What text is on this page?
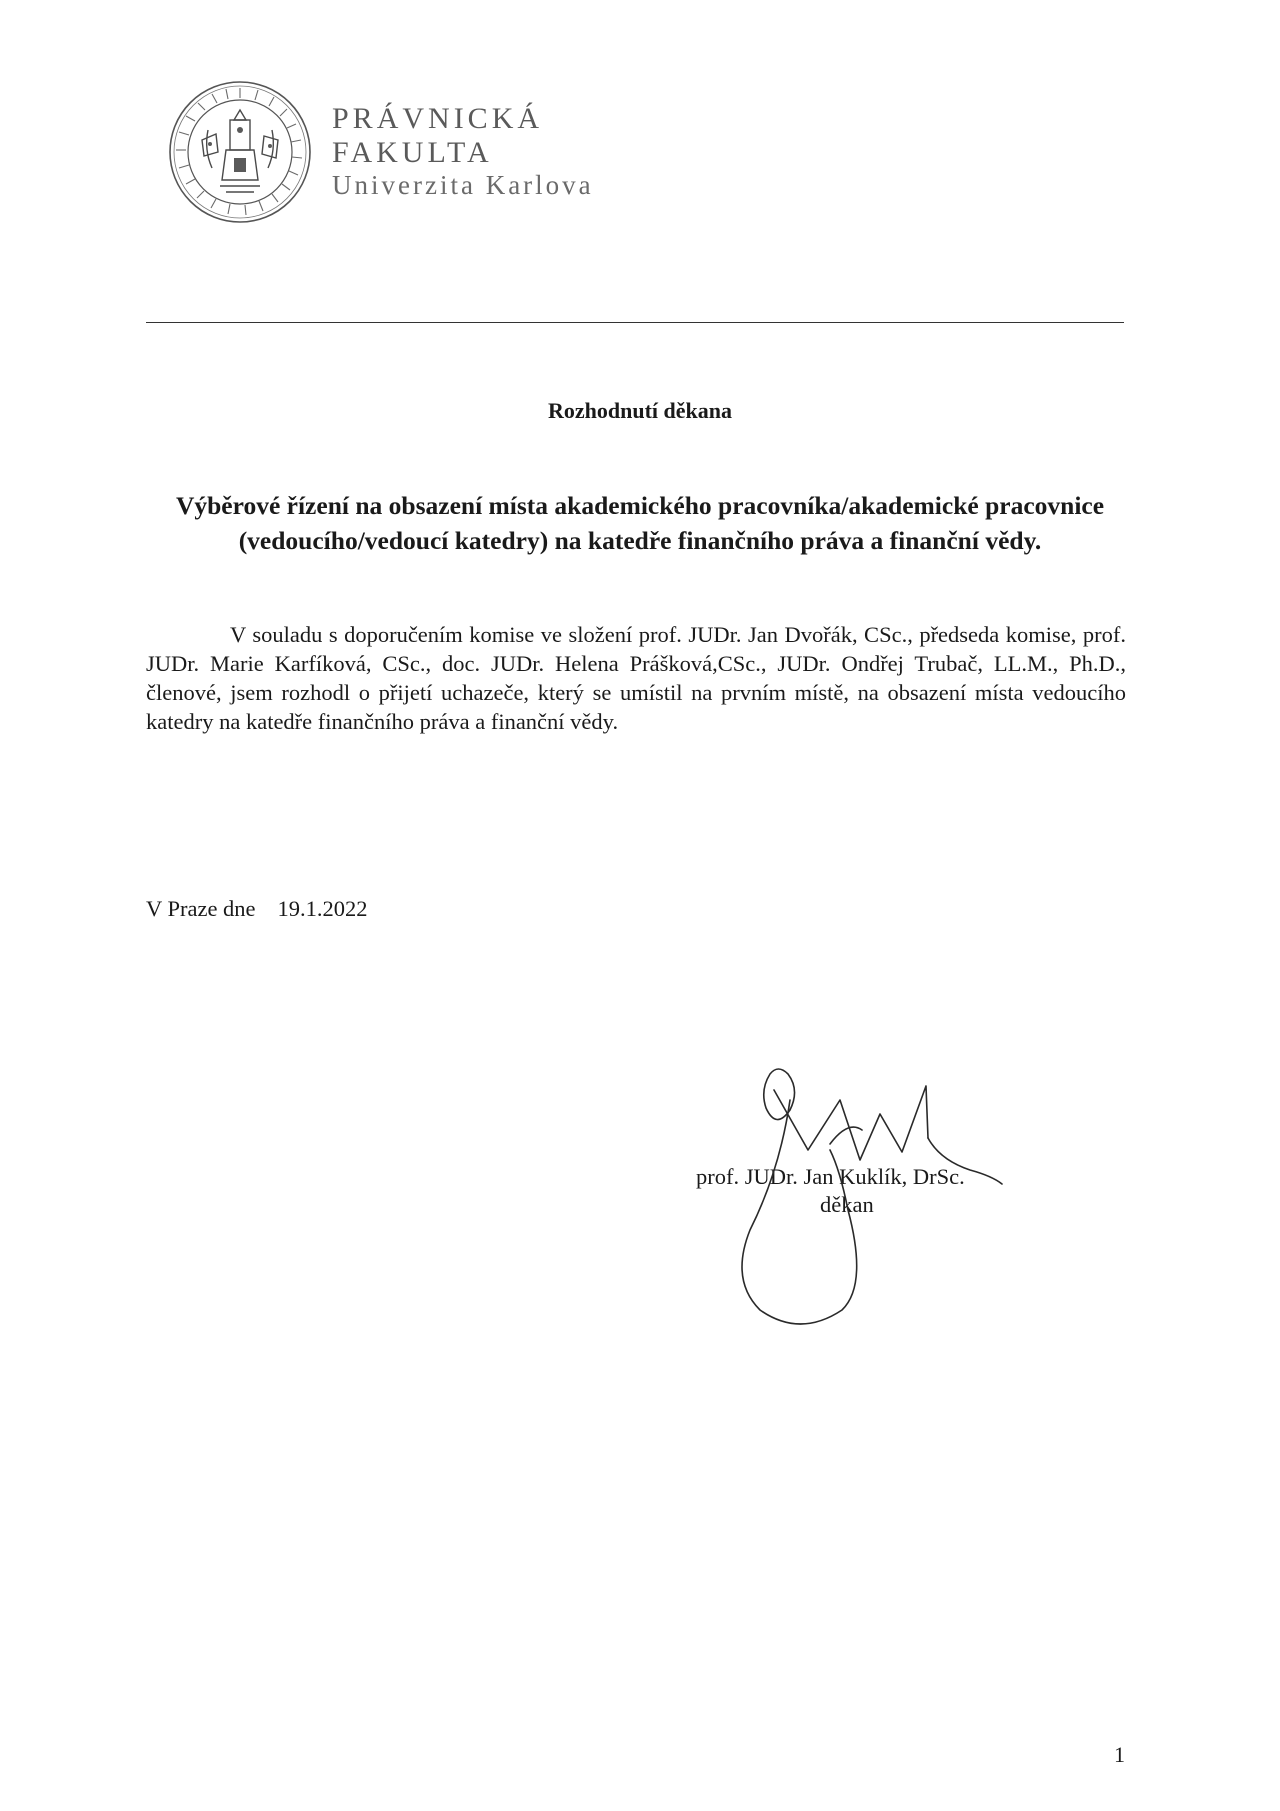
PRÁVNICKÁ
FAKULTA
Univerzita Karlova
Rozhodnutí děkana
Výběrové řízení na obsazení místa akademického pracovníka/akademické pracovnice (vedoucího/vedoucí katedry) na katedře finančního práva a finanční vědy.
V souladu s doporučením komise ve složení prof. JUDr. Jan Dvořák, CSc., předseda komise, prof. JUDr. Marie Karfíková, CSc., doc. JUDr. Helena Prášková,CSc., JUDr. Ondřej Trubač, LL.M., Ph.D., členové, jsem rozhodl o přijetí uchazeče, který se umístil na prvním místě, na obsazení místa vedoucího katedry na katedře finančního práva a finanční vědy.
V Praze dne 19.1.2022
prof. JUDr. Jan Kuklík, DrSc.
děkan
1
